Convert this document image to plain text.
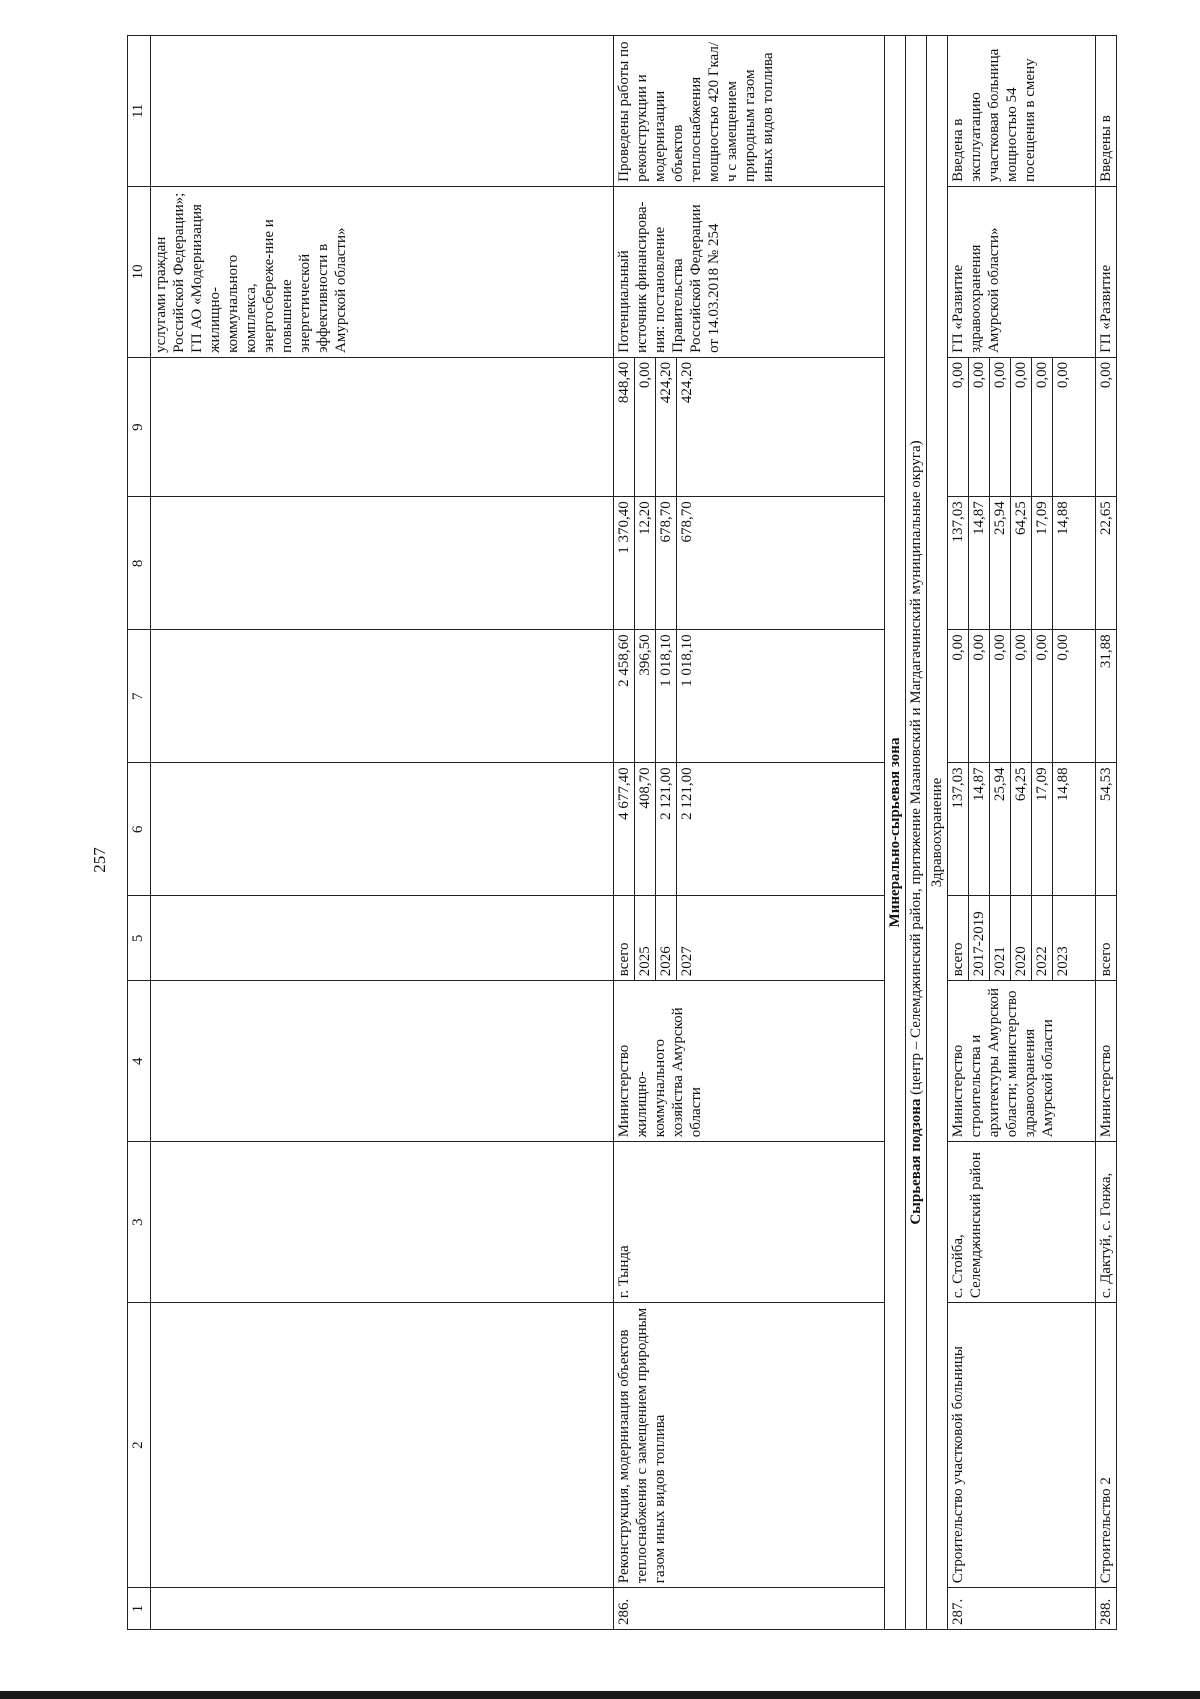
257
1	2	3	4	5	6	7	8	9	10	11
									услугами граждан Российской Федерации»; ГП АО «Модернизация жилищно-коммунального комплекса, энергосбереже-ние и повышение энергетической эффективности в Амурской области»	
286.	Реконструкция, модернизация объектов теплоснабжения с замещением природным газом иных видов топлива	г. Тында	Министерство жилищно-коммунального хозяйства Амурской области	всего	4 677,40	2 458,60	1 370,40	848,40	Потенциальный источник финансирова-ния: постановление Правительства Российской Федерации от 14.03.2018 № 254	Проведены работы по реконструкции и модернизации объектов теплоснабжения мощностью 420 Гкал/ч с замещением природным газом иных видов топлива
				2025	408,70	396,50	12,20	0,00		
				2026	2 121,00	1 018,10	678,70	424,20		
				2027	2 121,00	1 018,10	678,70	424,20		
Минерально-сырьевая зона										
Сырьевая подзона (центр – Селемджинский район, притяжение Мазановский и Магдагачинский муниципальные округа)										
Здравоохранение										
287.	Строительство участковой больницы	с. Стойба, Селемджинский район	Министерство строительства и архитектуры Амурской области; министерство здравоохранения Амурской области	всего	137,03	0,00	137,03	0,00	ГП «Развитие здравоохранения Амурской области»	Введена в эксплуатацию участковая больница мощностью 54 посещения в смену
				2017-2019	14,87	0,00	14,87	0,00		
				2021	25,94	0,00	25,94	0,00		
				2020	64,25	0,00	64,25	0,00		
				2022	17,09	0,00	17,09	0,00		
				2023	14,88	0,00	14,88	0,00		
288.	Строительство 2	с. Дактуй, с. Гонжа,	Министерство	всего	54,53	31,88	22,65	0,00	ГП «Развитие	Введены в
